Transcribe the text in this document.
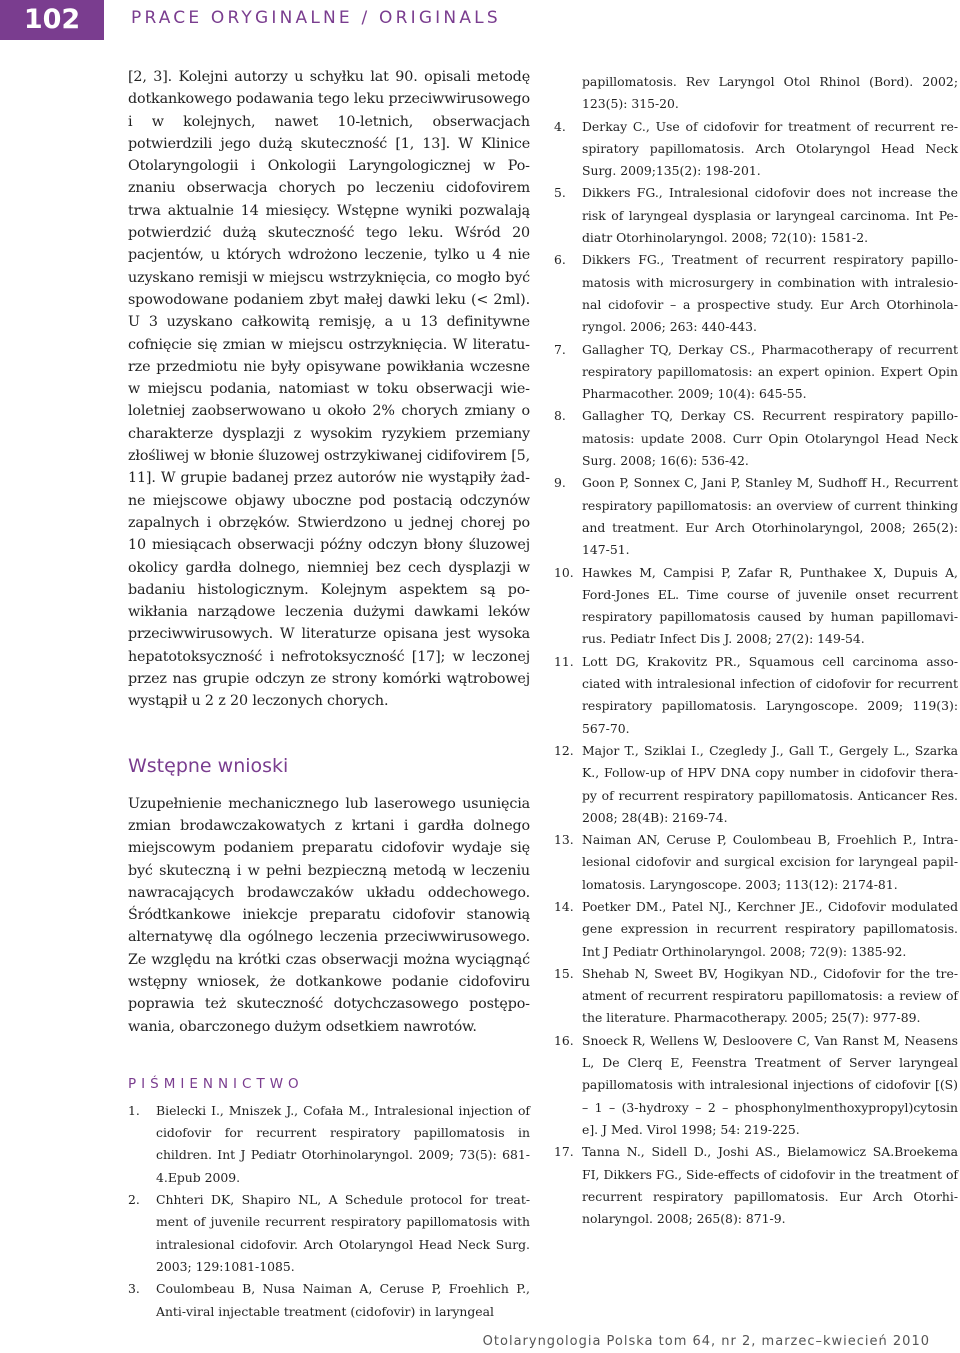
102	PRACE ORYGINALNE / ORIGINALS

[2, 3]. Kolejni autorzy u schyłku lat 90. opisali metodę dotkankowego podawania tego leku przeciwwirusowego i w kolejnych, nawet 10-letnich, obserwacjach potwierdzili jego dużą skuteczność [1, 13]. W Klinice Otolaryngologii i Onkologii Laryngologicznej w Poznaniu obserwacja chorych po leczeniu cidofovirem trwa aktualnie 14 miesięcy. Wstępne wyniki pozwalają potwierdzić dużą skuteczność tego leku. Wśród 20 pacjentów, u których wdrożono leczenie, tylko u 4 nie uzyskano remisji w miejscu wstrzyknięcia, co mogło być spowodowane podaniem zbyt małej dawki leku (< 2ml). U 3 uzyskano całkowitą remisję, a u 13 definitywne cofnięcie się zmian w miejscu ostrzyknięcia. W literaturze przedmiotu nie były opisywane powikłania wczesne w miejscu podania, natomiast w toku obserwacji wieloletniej zaobserwowano u około 2% chorych zmiany o charakterze dysplazji z wysokim ryzykiem przemiany złośliwej w błonie śluzowej ostrzykiwanej cidifovirem [5, 11]. W grupie badanej przez autorów nie wystąpiły żadne miejscowe objawy uboczne pod postacią odczynów zapalnych i obrzęków. Stwierdzono u jednej chorej po 10 miesiącach obserwacji późny odczyn błony śluzowej okolicy gardła dolnego, niemniej bez cech dysplazji w badaniu histologicznym. Kolejnym aspektem są powikłania narządowe leczenia dużymi dawkami leków przeciwwirusowych. W literaturze opisana jest wysoka hepatotoksyczność i nefrotoksyczność [17]; w leczonej przez nas grupie odczyn ze strony komórki wątrobowej wystąpił u 2 z 20 leczonych chorych.

Wstępne wnioski

Uzupełnienie mechanicznego lub laserowego usunięcia zmian brodawczakowatych z krtani i gardła dolnego miejscowym podaniem preparatu cidofovir wydaje się być skuteczną i w pełni bezpieczną metodą w leczeniu nawracających brodawczaków układu oddechowego. Śródtkankowe iniekcje preparatu cidofovir stanowią alternatywę dla ogólnego leczenia przeciwwirusowego. Ze względu na krótki czas obserwacji można wyciągnąć wstępny wniosek, że dotkankowe podanie cidofoviru poprawia też skuteczność dotychczasowego postępowania, obarczonego dużym odsetkiem nawrotów.

PIŚMIENNICTWO
1.	Bielecki I., Mniszek J., Cofała M., Intralesional injection of cidofovir for recurrent respiratory papillomatosis in children. Int J Pediatr Otorhinolaryngol. 2009; 73(5): 681-4.Epub 2009.
2.	Chhteri DK, Shapiro NL, A Schedule protocol for treatment of juvenile recurrent respiratory papillomatosis with intralesional cidofovir. Arch Otolaryngol Head Neck Surg. 2003; 129:1081-1085.
3.	Coulombeau B, Nusa Naiman A, Ceruse P, Froehlich P., Anti-viral injectable treatment (cidofovir) in laryngeal
papillomatosis. Rev Laryngol Otol Rhinol (Bord). 2002; 123(5): 315-20.
4.	Derkay C., Use of cidofovir for treatment of recurrent respiratory papillomatosis. Arch Otolaryngol Head Neck Surg. 2009;135(2): 198-201.
5.	Dikkers FG., Intralesional cidofovir does not increase the risk of laryngeal dysplasia or laryngeal carcinoma. Int Pediatr Otorhinolaryngol. 2008; 72(10): 1581-2.
6.	Dikkers FG., Treatment of recurrent respiratory papillomatosis with microsurgery in combination with intralesional cidofovir – a prospective study. Eur Arch Otorhinolaryngol. 2006; 263: 440-443.
7.	Gallagher TQ, Derkay CS., Pharmacotherapy of recurrent respiratory papillomatosis: an expert opinion. Expert Opin Pharmacother. 2009; 10(4): 645-55.
8.	Gallagher TQ, Derkay CS. Recurrent respiratory papillomatosis: update 2008. Curr Opin Otolaryngol Head Neck Surg. 2008; 16(6): 536-42.
9.	Goon P, Sonnex C, Jani P, Stanley M, Sudhoff H., Recurrent respiratory papillomatosis: an overview of current thinking and treatment. Eur Arch Otorhinolaryngol, 2008; 265(2): 147-51.
10. Hawkes M, Campisi P, Zafar R, Punthakee X, Dupuis A, Ford-Jones EL. Time course of juvenile onset recurrent respiratory papillomatosis caused by human papillomavirus. Pediatr Infect Dis J. 2008; 27(2): 149-54.
11. Lott DG, Krakovitz PR., Squamous cell carcinoma associated with intralesional infection of cidofovir for recurrent respiratory papillomatosis. Laryngoscope. 2009; 119(3): 567-70.
12. Major T., Sziklai I., Czegledy J., Gall T., Gergely L., Szarka K., Follow-up of HPV DNA copy number in cidofovir therapy of recurrent respiratory papillomatosis. Anticancer Res. 2008; 28(4B): 2169-74.
13. Naiman AN, Ceruse P, Coulombeau B, Froehlich P., Intralesional cidofovir and surgical excision for laryngeal papillomatosis. Laryngoscope. 2003; 113(12): 2174-81.
14. Poetker DM., Patel NJ., Kerchner JE., Cidofovir modulated gene expression in recurrent respiratory papillomatosis. Int J Pediatr Orthinolaryngol. 2008; 72(9): 1385-92.
15. Shehab N, Sweet BV, Hogikyan ND., Cidofovir for the treatment of recurrent respiratoru papillomatosis: a review of the literature. Pharmacotherapy. 2005; 25(7): 977-89.
16. Snoeck R, Wellens W, Desloovere C, Van Ranst M, Neasens L, De Clerq E, Feenstra Treatment of Server laryngeal papillomatosis with intralesional injections of cidofovir [(S) – 1 – (3-hydroxy – 2 – phosphonylmenthoxypropyl)cytosin e]. J Med. Virol 1998; 54: 219-225.
17. Tanna N., Sidell D., Joshi AS., Bielamowicz SA.Broekema FI, Dikkers FG., Side-effects of cidofovir in the treatment of recurrent respiratory papillomatosis. Eur Arch Otorhinolaryngol. 2008; 265(8): 871-9.
Otolaryngologia Polska tom 64, nr 2, marzec–kwiecień 2010
